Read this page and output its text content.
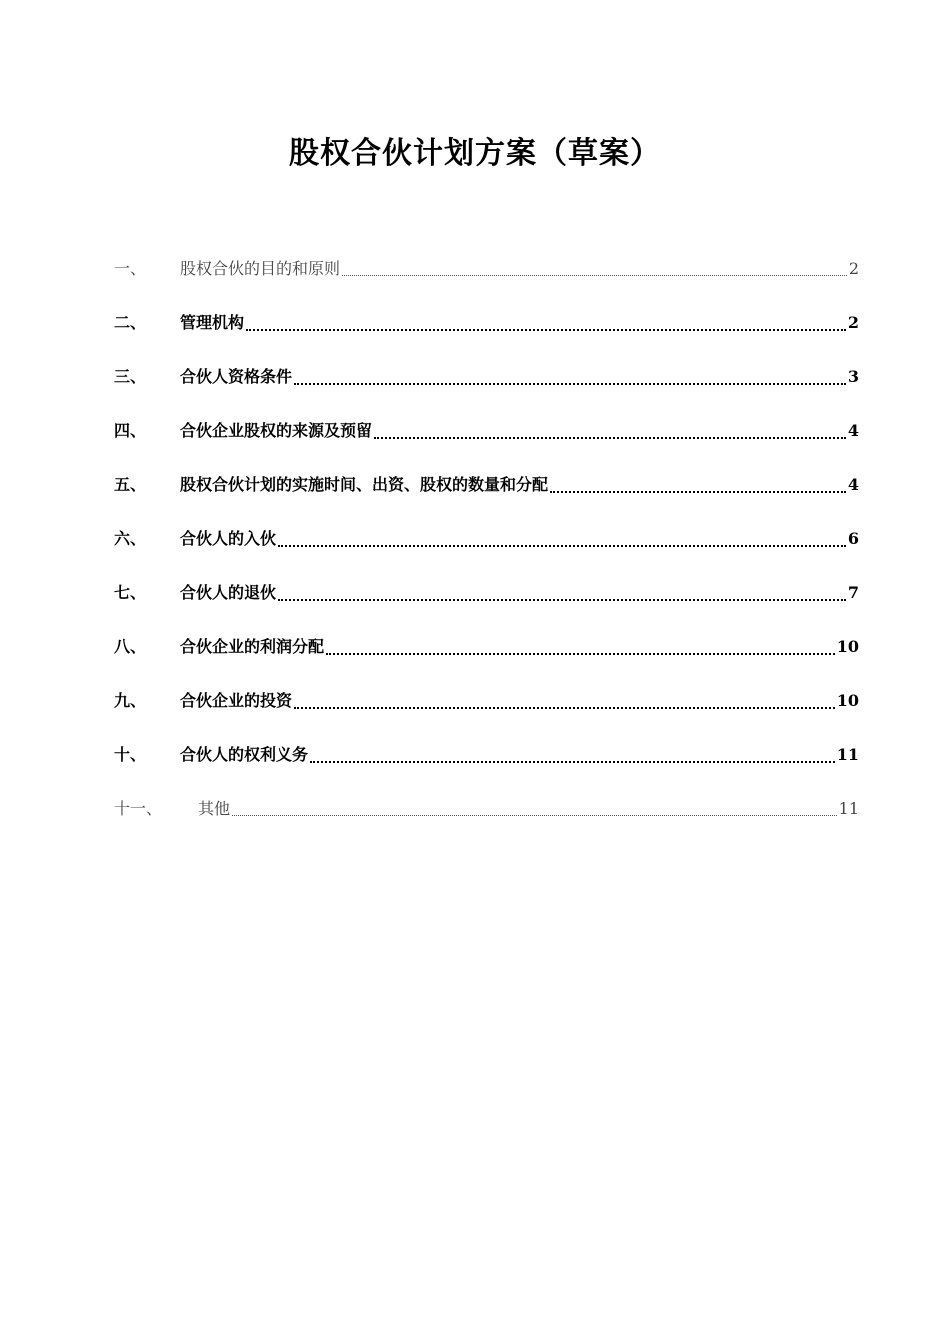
股权合伙计划方案（草案）
一、	股权合伙的目的和原则	2
二、	管理机构	2
三、	合伙人资格条件	3
四、	合伙企业股权的来源及预留	4
五、	股权合伙计划的实施时间、出资、股权的数量和分配	4
六、	合伙人的入伙	6
七、	合伙人的退伙	7
八、	合伙企业的利润分配	10
九、	合伙企业的投资	10
十、	合伙人的权利义务	11
十一、	其他	11
